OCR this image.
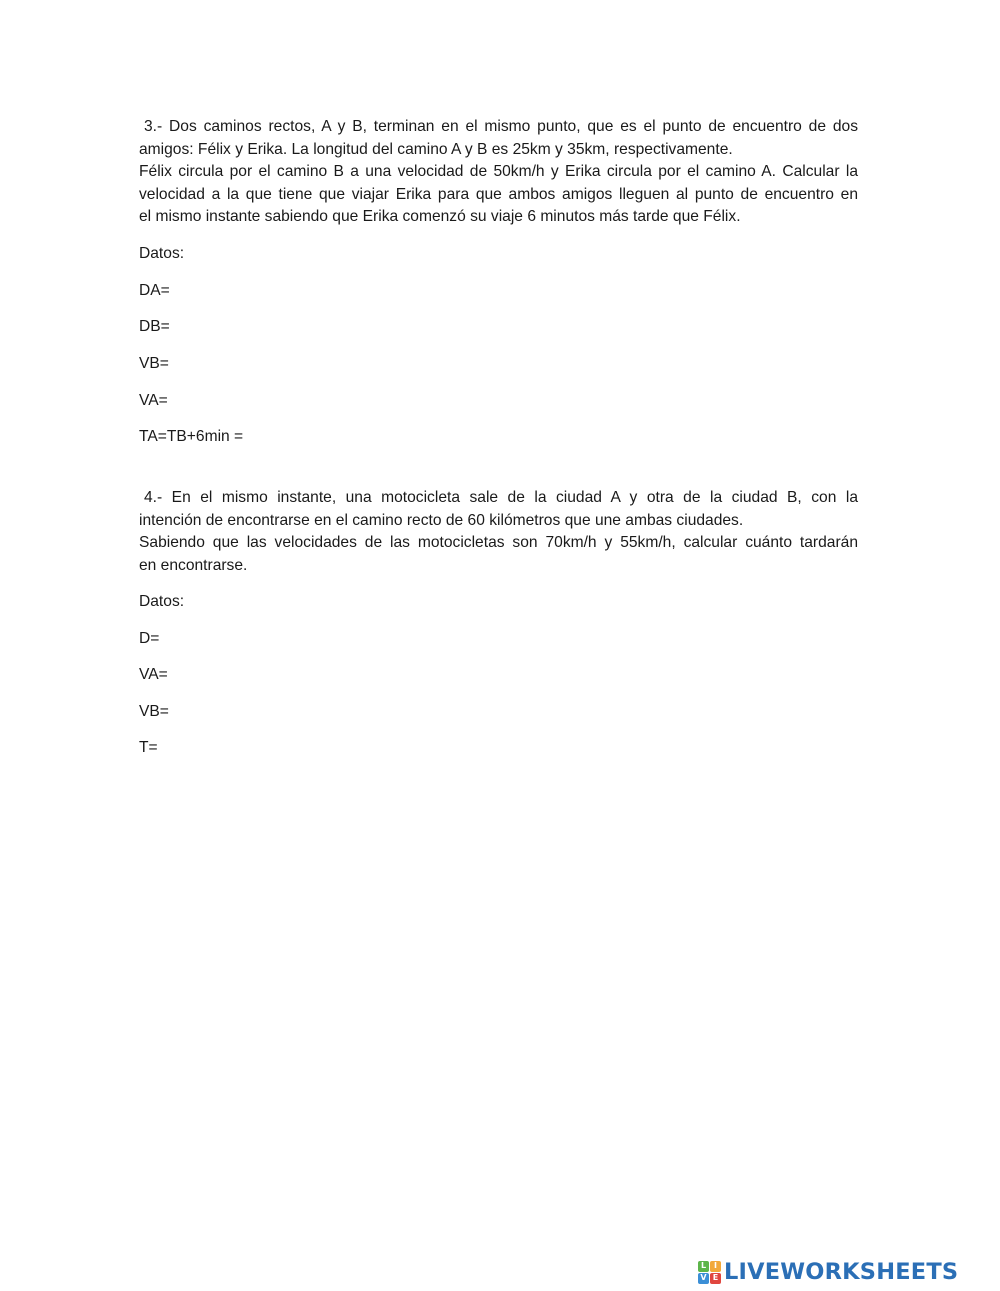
3.- Dos caminos rectos, A y B, terminan en el mismo punto, que es el punto de encuentro de dos
amigos: Félix y Erika. La longitud del camino A y B es 25km y 35km, respectivamente.
Félix circula por el camino B a una velocidad de 50km/h y Erika circula por el camino A. Calcular la
velocidad a la que tiene que viajar Erika para que ambos amigos lleguen al punto de encuentro en
el mismo instante sabiendo que Erika comenzó su viaje 6 minutos más tarde que Félix.

Datos:

DA=

DB=

VB=

VA=

TA=TB+6min =

4.- En el mismo instante, una motocicleta sale de la ciudad A y otra de la ciudad B, con la
intención de encontrarse en el camino recto de 60 kilómetros que une ambas ciudades.
Sabiendo que las velocidades de las motocicletas son 70km/h y 55km/h, calcular cuánto tardarán
en encontrarse.

Datos:

D=

VA=

VB=

T=

L I
V E LIVEWORKSHEETS
